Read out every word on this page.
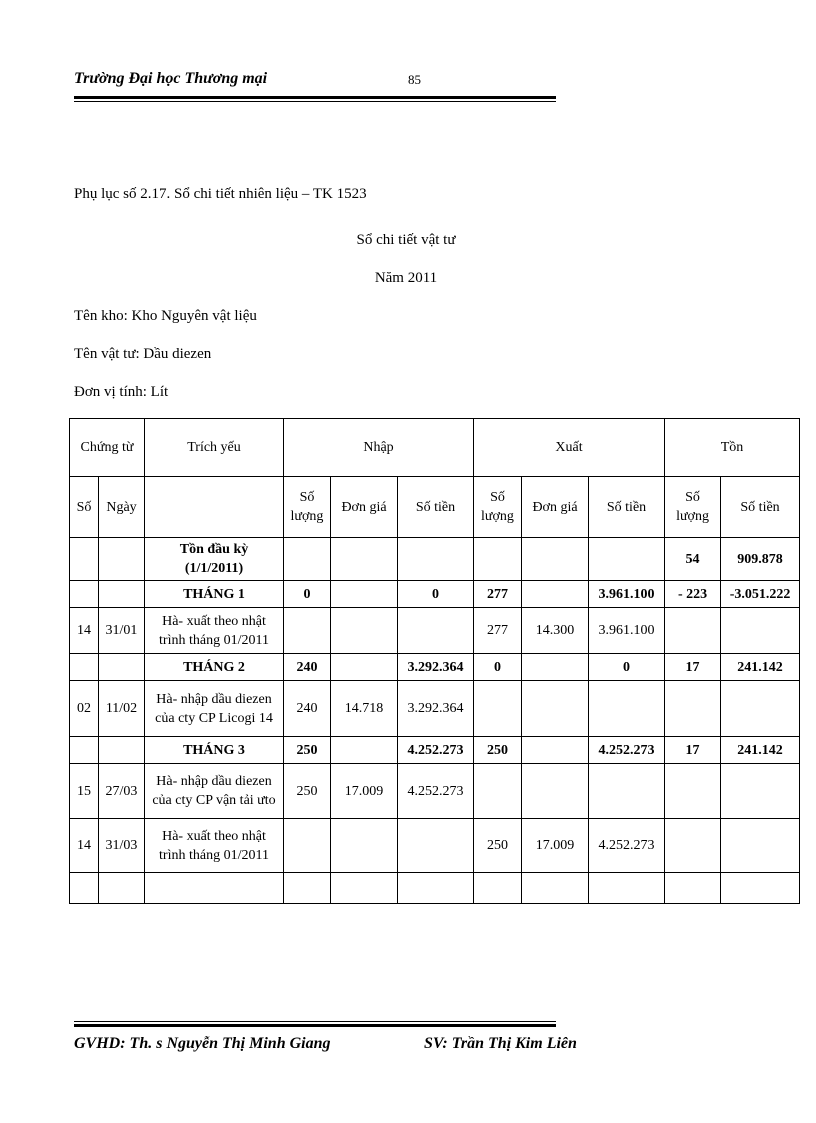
Trường Đại học Thương mại	85
Phụ lục số 2.17. Sổ chi tiết nhiên liệu – TK 1523
Sổ chi tiết vật tư
Năm 2011
Tên kho: Kho Nguyên vật liệu
Tên vật tư: Dầu diezen
Đơn vị tính: Lít
Chứng từ		Trích yếu	Nhập			Xuất			Tồn	
Số	Ngày		Số lượng	Đơn giá	Số tiền	Số lượng	Đơn giá	Số tiền	Số lượng	Số tiền
		Tồn đầu kỳ (1/1/2011)							54	909.878
		THÁNG 1	0		0	277		3.961.100	- 223	-3.051.222
14	31/01	Hà- xuất theo nhật trình tháng 01/2011				277	14.300	3.961.100		
		THÁNG 2	240		3.292.364	0		0	17	241.142
02	11/02	Hà- nhập dầu diezen của cty CP Licogi 14	240	14.718	3.292.364					
		THÁNG 3	250		4.252.273	250		4.252.273	17	241.142
15	27/03	Hà- nhập dầu diezen của cty CP vận tải ưto	250	17.009	4.252.273					
14	31/03	Hà- xuất theo nhật trình tháng 01/2011				250	17.009	4.252.273		

GVHD: Th. s Nguyễn Thị Minh Giang	SV: Trần Thị Kim Liên
